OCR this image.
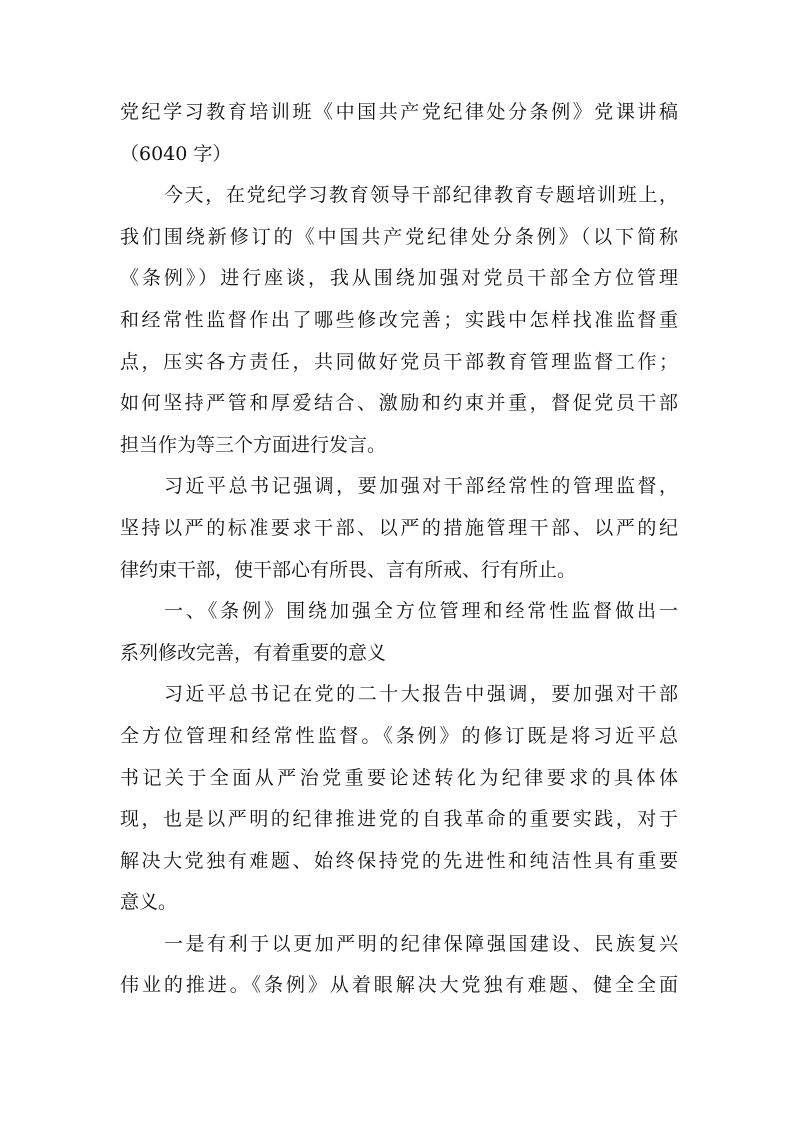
党纪学习教育培训班《中国共产党纪律处分条例》党课讲稿
（6040 字）
今天，在党纪学习教育领导干部纪律教育专题培训班上，
我们围绕新修订的《中国共产党纪律处分条例》（以下简称
《条例》）进行座谈，我从围绕加强对党员干部全方位管理
和经常性监督作出了哪些修改完善；实践中怎样找准监督重
点，压实各方责任，共同做好党员干部教育管理监督工作；
如何坚持严管和厚爱结合、激励和约束并重，督促党员干部
担当作为等三个方面进行发言。
习近平总书记强调，要加强对干部经常性的管理监督，
坚持以严的标准要求干部、以严的措施管理干部、以严的纪
律约束干部，使干部心有所畏、言有所戒、行有所止。
一、《条例》围绕加强全方位管理和经常性监督做出一
系列修改完善，有着重要的意义
习近平总书记在党的二十大报告中强调，要加强对干部
全方位管理和经常性监督。《条例》的修订既是将习近平总
书记关于全面从严治党重要论述转化为纪律要求的具体体
现，也是以严明的纪律推进党的自我革命的重要实践，对于
解决大党独有难题、始终保持党的先进性和纯洁性具有重要
意义。
一是有利于以更加严明的纪律保障强国建设、民族复兴
伟业的推进。《条例》从着眼解决大党独有难题、健全全面
